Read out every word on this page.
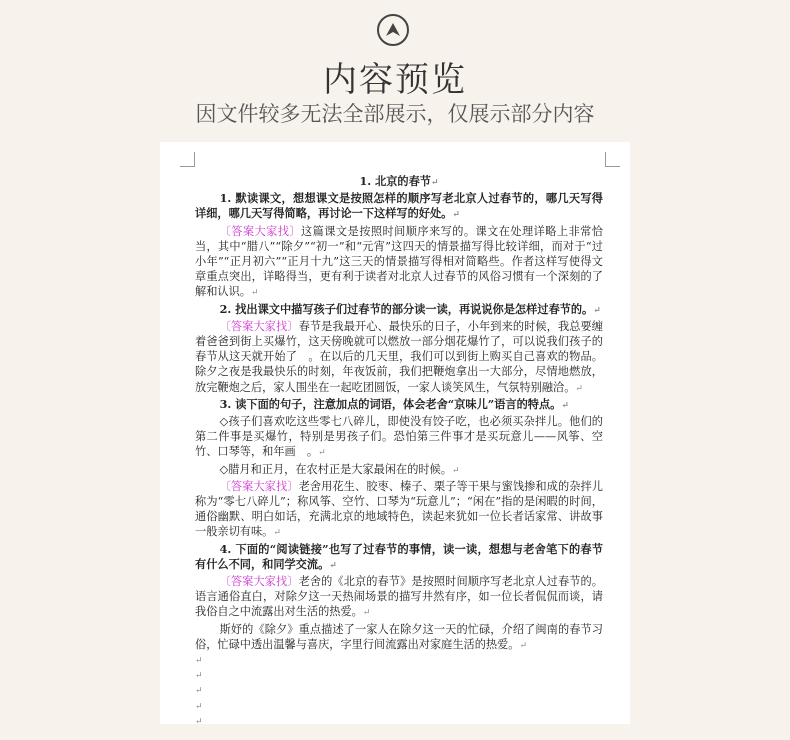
内容预览
因文件较多无法全部展示，仅展示部分内容

1. 北京的春节↵

1. 默读课文，想想课文是按照怎样的顺序写老北京人过春节的，哪几天写得详细，哪几天写得简略，再讨论一下这样写的好处。↵

〔答案大家找〕这篇课文是按照时间顺序来写的。课文在处理详略上非常恰当，其中“腊八”“除夕”“初一”和“元宵”这四天的情景描写得比较详细，而对于“过小年”“正月初六”“正月十九”这三天的情景描写得相对简略些。作者这样写使得文章重点突出，详略得当，更有利于读者对北京人过春节的风俗习惯有一个深刻的了解和认识。↵

2. 找出课文中描写孩子们过春节的部分读一读，再说说你是怎样过春节的。↵

〔答案大家找〕春节是我最开心、最快乐的日子，小年到来的时候，我总要缠着爸爸到街上买爆竹，这天傍晚就可以燃放一部分烟花爆竹了，可以说我们孩子的春节从这天就开始了　。在以后的几天里，我们可以到街上购买自己喜欢的物品。除夕之夜是我最快乐的时刻，年夜饭前，我们把鞭炮拿出一大部分，尽情地燃放，放完鞭炮之后，家人围坐在一起吃团圆饭，一家人谈笑风生，气氛特别融洽。↵

3. 读下面的句子，注意加点的词语，体会老舍“京味儿”语言的特点。↵

◇孩子们喜欢吃这些零七八碎儿，即使没有饺子吃，也必须买杂拌儿。他们的第二件事是买爆竹，特别是男孩子们。恐怕第三件事才是买玩意儿——风筝、空竹、口琴等，和年画　。↵

◇腊月和正月，在农村正是大家最闲在的时候。↵

〔答案大家找〕老舍用花生、胶枣、榛子、栗子等干果与蜜饯掺和成的杂拌儿称为“零七八碎儿”；称风筝、空竹、口琴为“玩意儿”；“闲在”指的是闲暇的时间，通俗幽默、明白如话，充满北京的地域特色，读起来犹如一位长者话家常、讲故事一般亲切有味。↵

4. 下面的“阅读链接”也写了过春节的事情，读一读，想想与老舍笔下的春节有什么不同，和同学交流。↵

〔答案大家找〕老舍的《北京的春节》是按照时间顺序写老北京人过春节的。语言通俗直白，对除夕这一天热闹场景的描写井然有序，如一位长者侃侃而谈，请我俗自之中流露出对生活的热爱。↵

斯妤的《除夕》重点描述了一家人在除夕这一天的忙碌，介绍了闽南的春节习俗，忙碌中透出温馨与喜庆，字里行间流露出对家庭生活的热爱。↵

↵

↵

↵

↵

↵
